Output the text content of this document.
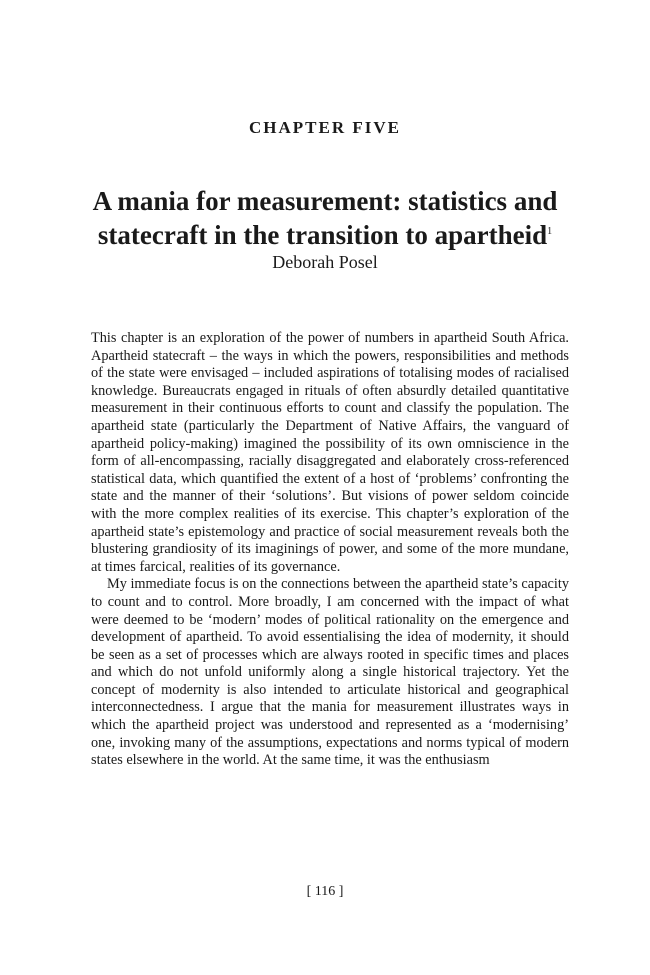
CHAPTER FIVE
A mania for measurement: statistics and statecraft in the transition to apartheid$^1$
Deborah Posel

This chapter is an exploration of the power of numbers in apartheid South Africa. Apartheid statecraft – the ways in which the powers, responsibilities and methods of the state were envisaged – included aspirations of totalising modes of racialised knowledge. Bureaucrats engaged in rituals of often absurdly detailed quantitative measurement in their continuous efforts to count and classify the population. The apartheid state (particularly the Department of Native Affairs, the vanguard of apartheid policy-making) imagined the possibility of its own omniscience in the form of all-encompassing, racially disaggregated and elaborately cross-referenced statistical data, which quantified the extent of a host of ‘problems’ confronting the state and the manner of their ‘solutions’. But visions of power seldom coincide with the more complex realities of its exercise. This chapter’s exploration of the apartheid state’s epistemology and practice of social measurement reveals both the blustering grandiosity of its imaginings of power, and some of the more mundane, at times farcical, realities of its governance.

My immediate focus is on the connections between the apartheid state’s capacity to count and to control. More broadly, I am concerned with the impact of what were deemed to be ‘modern’ modes of political rationality on the emergence and development of apartheid. To avoid essentialising the idea of modernity, it should be seen as a set of processes which are always rooted in specific times and places and which do not unfold uniformly along a single historical trajectory. Yet the concept of modernity is also intended to articulate historical and geographical interconnectedness. I argue that the mania for measurement illustrates ways in which the apartheid project was understood and represented as a ‘modernising’ one, invoking many of the assumptions, expectations and norms typical of modern states elsewhere in the world. At the same time, it was the enthusiasm

[ 116 ]
